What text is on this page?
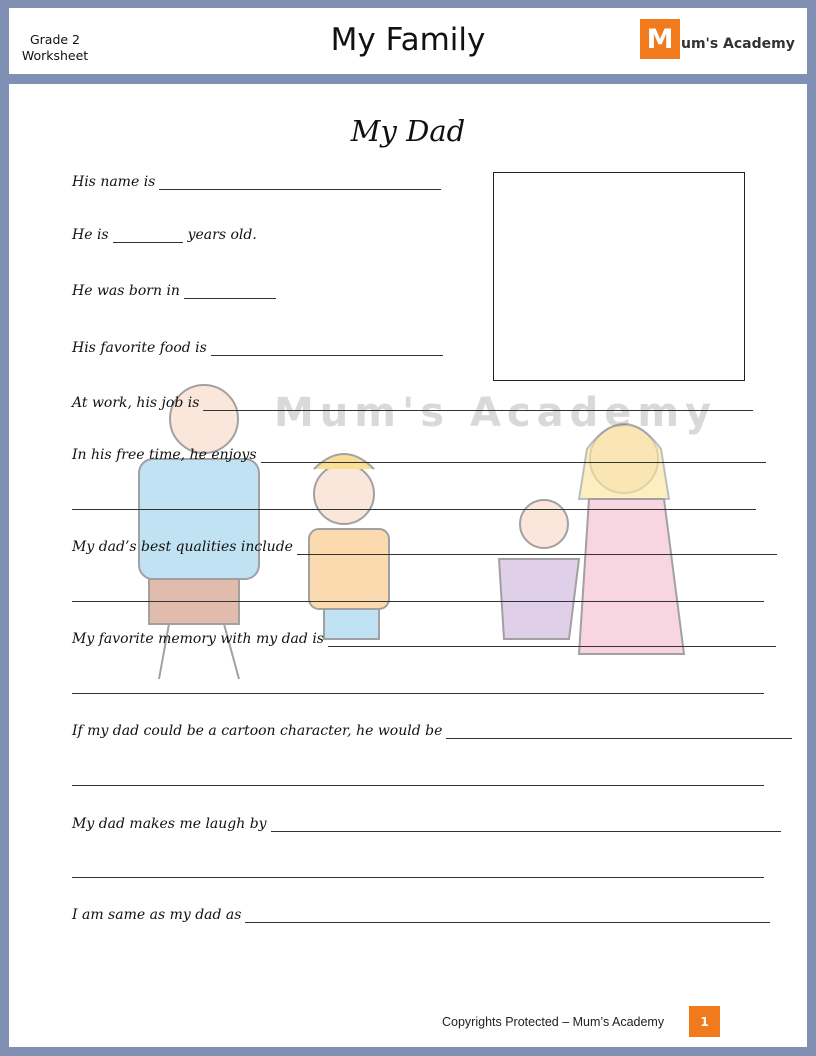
Grade 2
Worksheet	My Family	M um's Academy
My Dad
Mum's Academy
His name is
He is	years old.
He was born in
His favorite food is
At work, his job is
In his free time, he enjoys
My dad’s best qualities include
My favorite memory with my dad is
If my dad could be a cartoon character, he would be
My dad makes me laugh by
I am same as my dad as
Copyrights Protected – Mum’s Academy	1
